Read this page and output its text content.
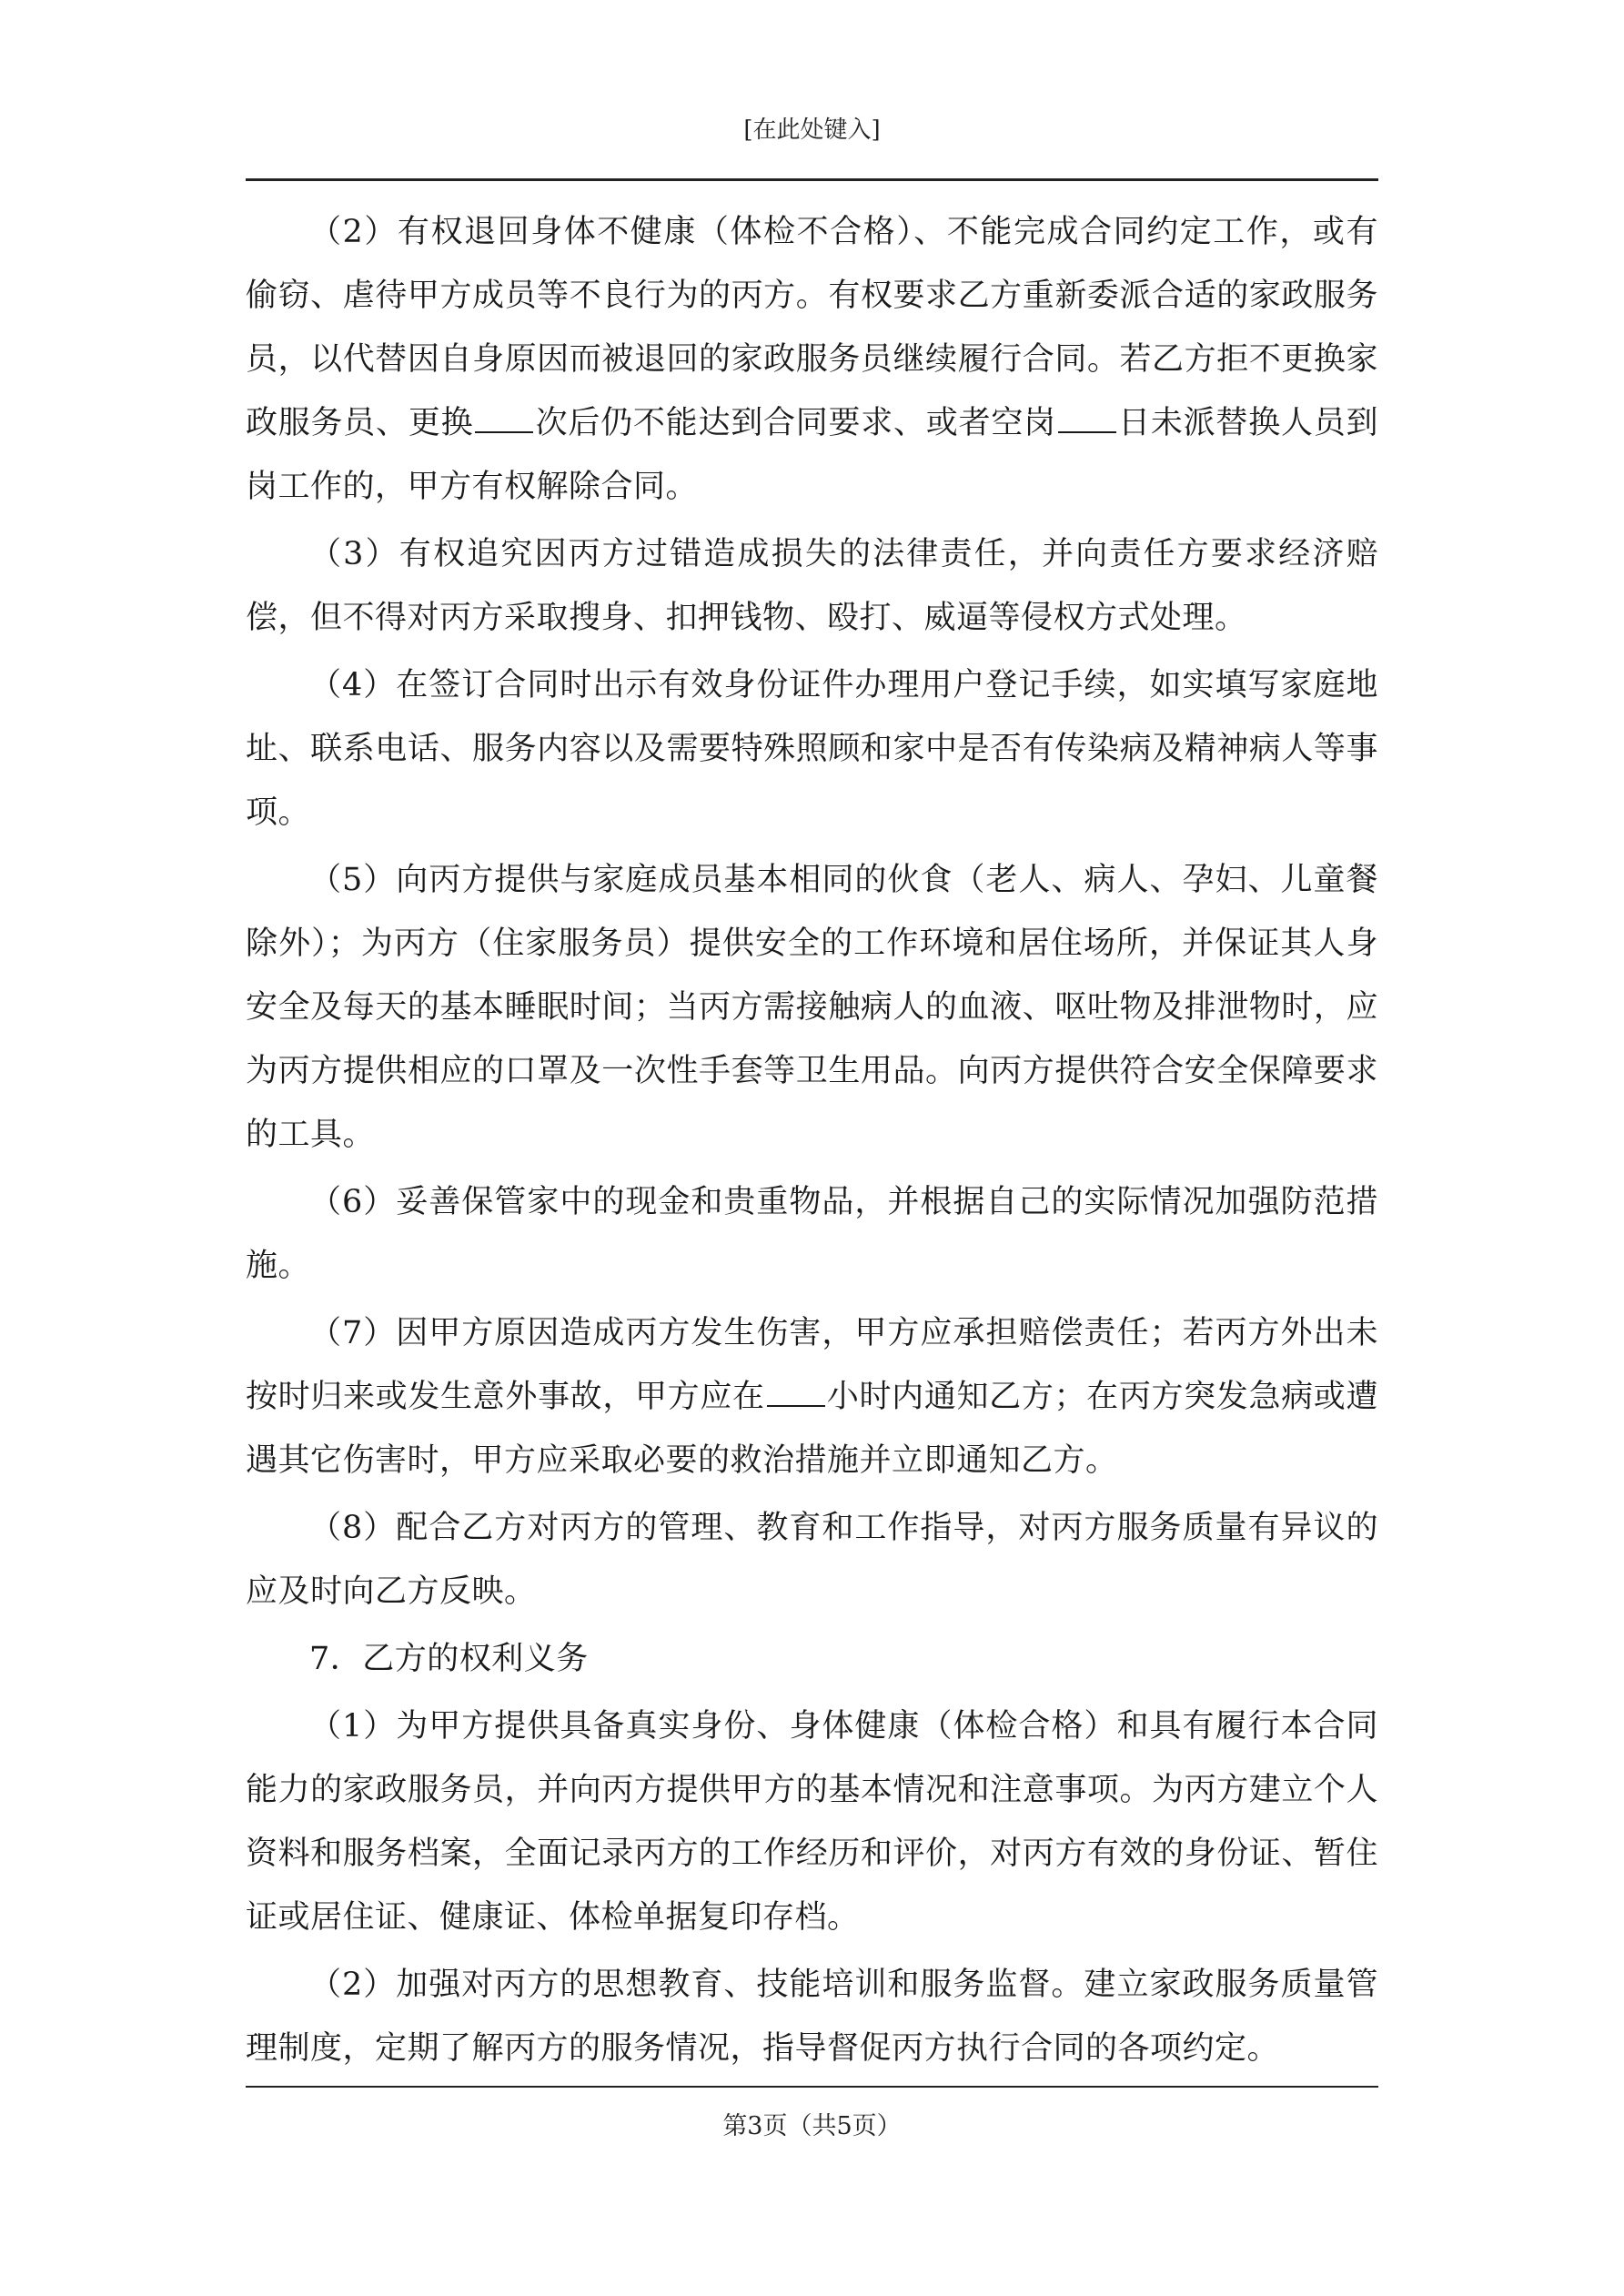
[在此处键入]

（2）有权退回身体不健康（体检不合格）、不能完成合同约定工作，或有偷窃、虐待甲方成员等不良行为的丙方。有权要求乙方重新委派合适的家政服务员，以代替因自身原因而被退回的家政服务员继续履行合同。若乙方拒不更换家政服务员、更换 次后仍不能达到合同要求、或者空岗 日未派替换人员到岗工作的，甲方有权解除合同。

（3）有权追究因丙方过错造成损失的法律责任，并向责任方要求经济赔偿，但不得对丙方采取搜身、扣押钱物、殴打、威逼等侵权方式处理。

（4）在签订合同时出示有效身份证件办理用户登记手续，如实填写家庭地址、联系电话、服务内容以及需要特殊照顾和家中是否有传染病及精神病人等事项。

（5）向丙方提供与家庭成员基本相同的伙食（老人、病人、孕妇、儿童餐除外）；为丙方（住家服务员）提供安全的工作环境和居住场所，并保证其人身安全及每天的基本睡眠时间；当丙方需接触病人的血液、呕吐物及排泄物时，应为丙方提供相应的口罩及一次性手套等卫生用品。向丙方提供符合安全保障要求的工具。

（6）妥善保管家中的现金和贵重物品，并根据自己的实际情况加强防范措施。

（7）因甲方原因造成丙方发生伤害，甲方应承担赔偿责任；若丙方外出未按时归来或发生意外事故，甲方应在 小时内通知乙方；在丙方突发急病或遭遇其它伤害时，甲方应采取必要的救治措施并立即通知乙方。

（8）配合乙方对丙方的管理、教育和工作指导，对丙方服务质量有异议的应及时向乙方反映。

7．乙方的权利义务

（1）为甲方提供具备真实身份、身体健康（体检合格）和具有履行本合同能力的家政服务员，并向丙方提供甲方的基本情况和注意事项。为丙方建立个人资料和服务档案，全面记录丙方的工作经历和评价，对丙方有效的身份证、暂住证或居住证、健康证、体检单据复印存档。

（2）加强对丙方的思想教育、技能培训和服务监督。建立家政服务质量管理制度，定期了解丙方的服务情况，指导督促丙方执行合同的各项约定。

第3页（共5页）
